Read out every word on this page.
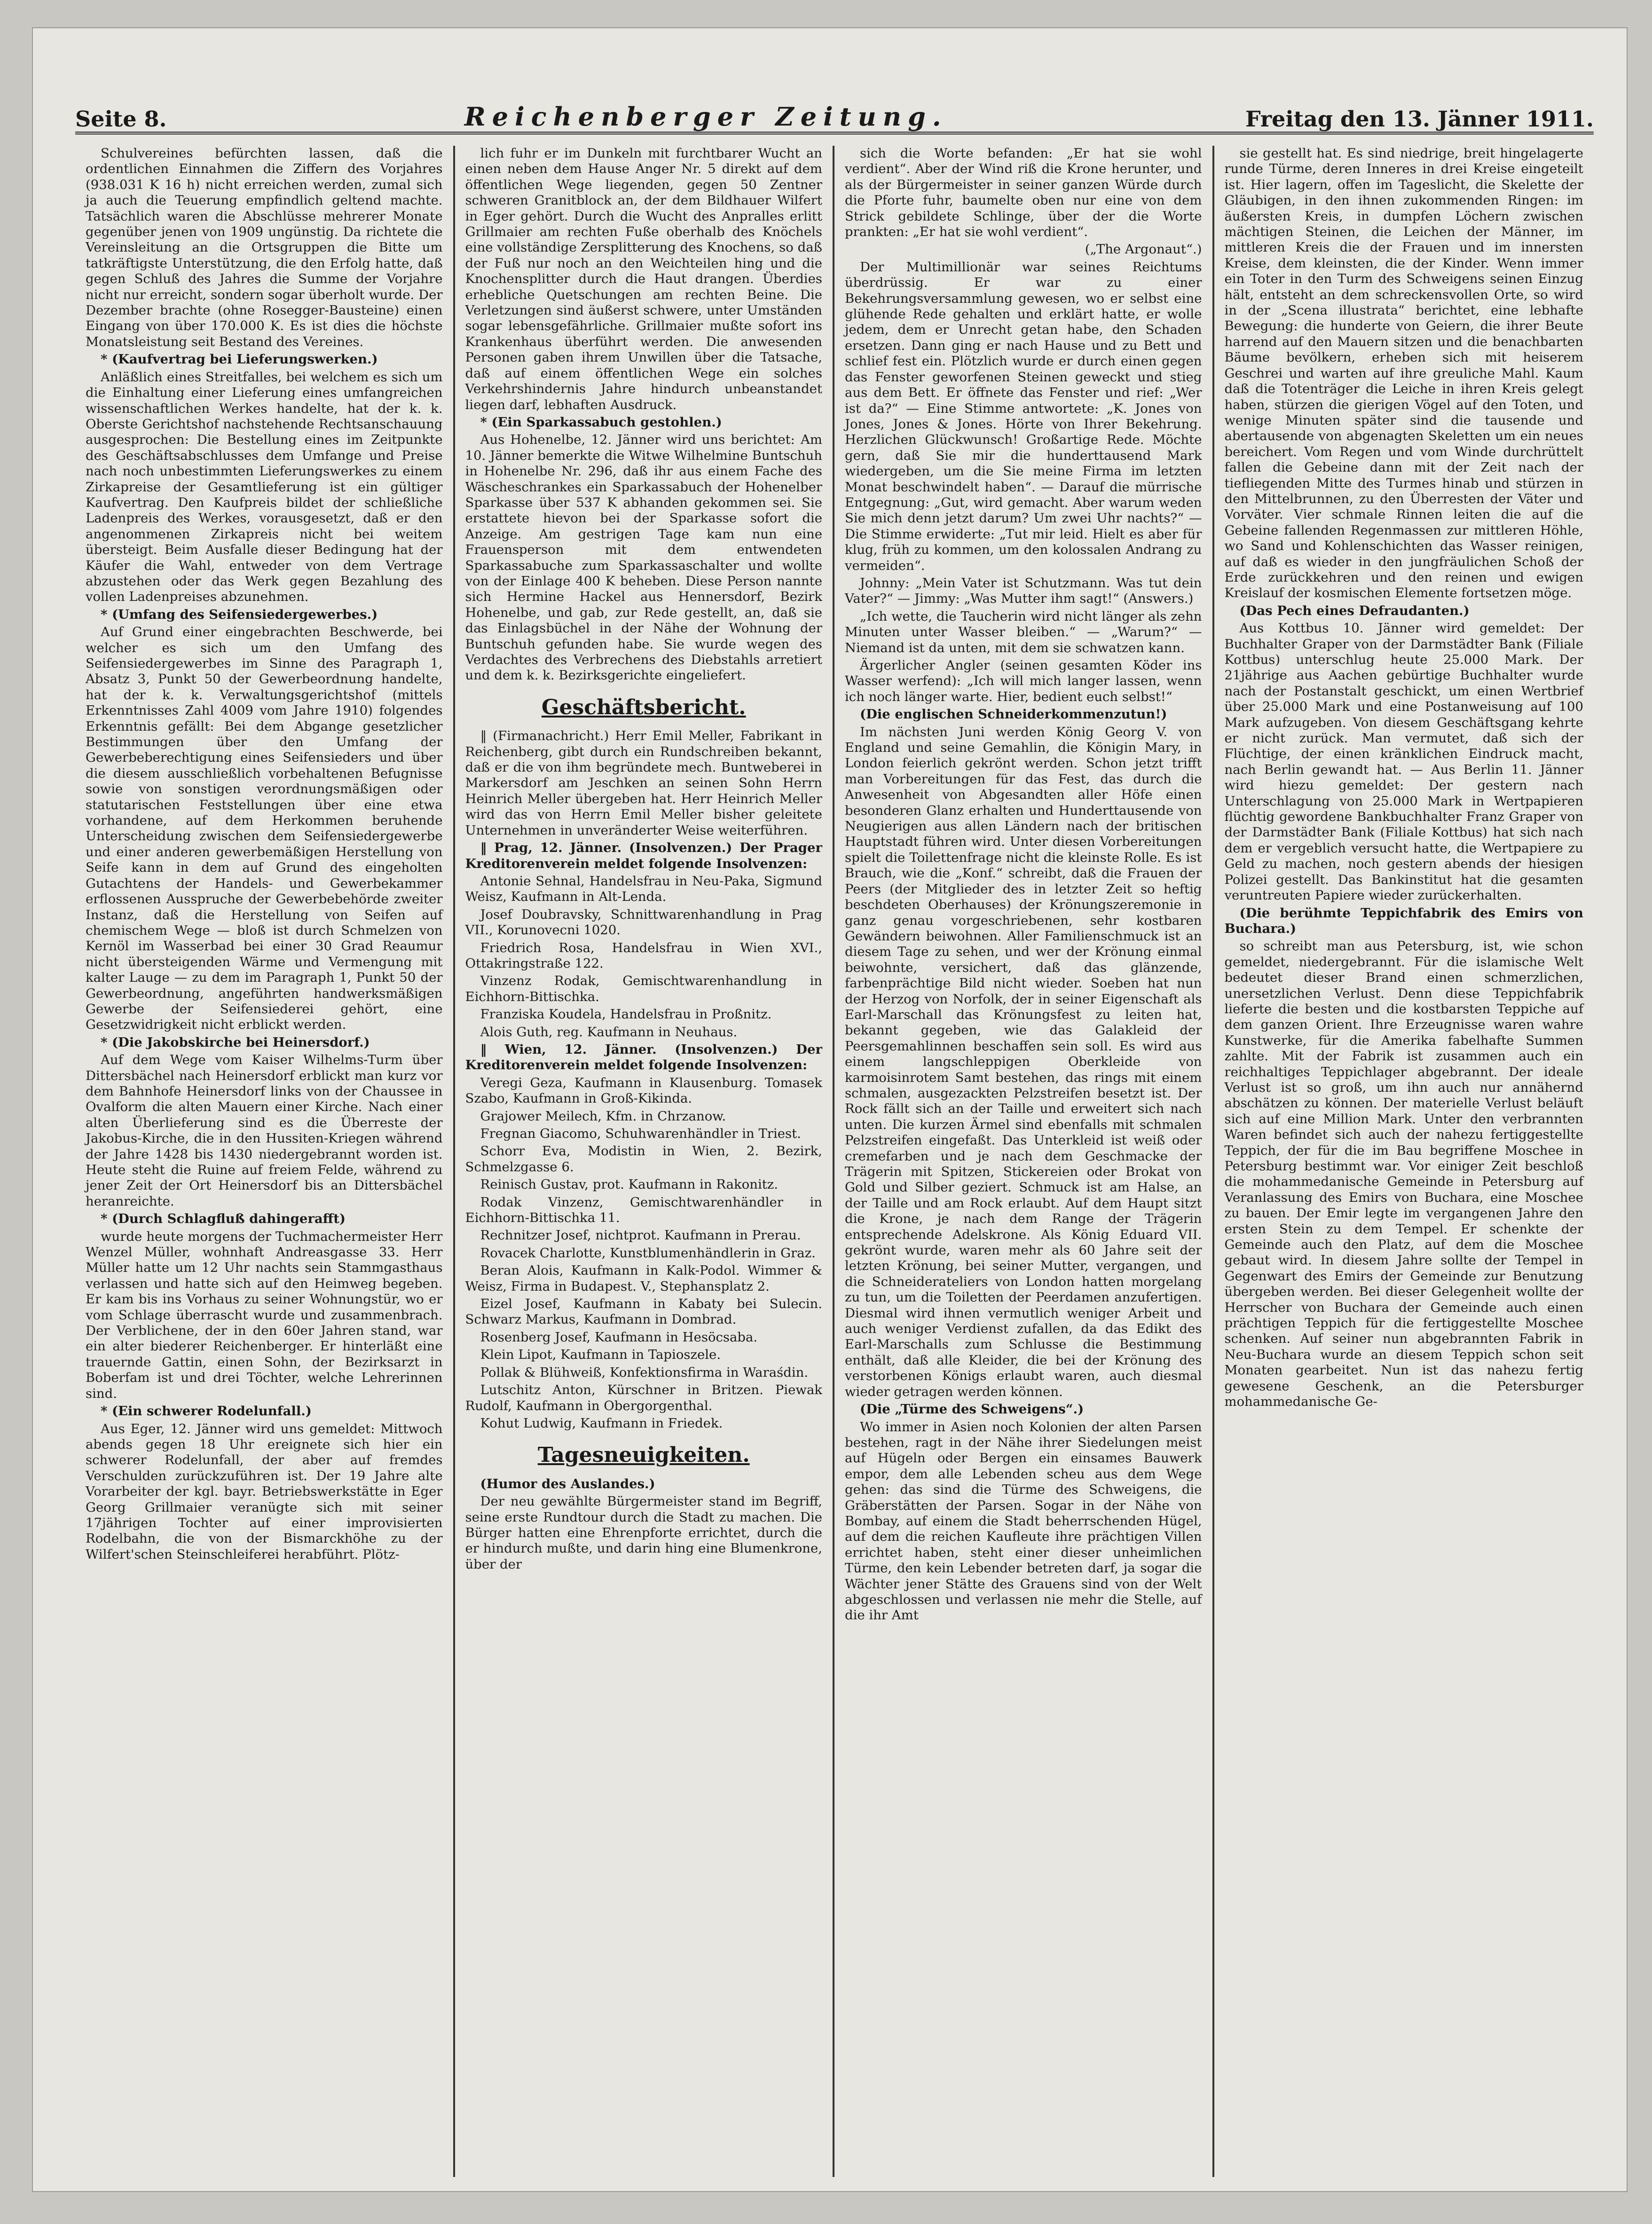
Seite 8.	Reichenberger Zeitung.	Freitag den 13. Jänner 1911.

Schulvereines befürchten lassen, daß die ordentlichen Einnahmen die Ziffern des Vorjahres (938.031 K 16 h) nicht erreichen werden, zumal sich ja auch die Teuerung empfindlich geltend machte. Tatsächlich waren die Abschlüsse mehrerer Monate gegenüber jenen von 1909 ungünstig. Da richtete die Vereinsleitung an die Ortsgruppen die Bitte um tatkräftigste Unterstützung, die den Erfolg hatte, daß gegen Schluß des Jahres die Summe der Vorjahre nicht nur erreicht, sondern sogar überholt wurde. Der Dezember brachte (ohne Rosegger-Bausteine) einen Eingang von über 170.000 K. Es ist dies die höchste Monatsleistung seit Bestand des Vereines.

* (Kaufvertrag bei Lieferungswerken.)

Anläßlich eines Streitfalles, bei welchem es sich um die Einhaltung einer Lieferung eines umfangreichen wissenschaftlichen Werkes handelte, hat der k. k. Oberste Gerichtshof nachstehende Rechtsanschauung ausgesprochen: Die Bestellung eines im Zeitpunkte des Geschäftsabschlusses dem Umfange und Preise nach noch unbestimmten Lieferungswerkes zu einem Zirkapreise der Gesamtlieferung ist ein gültiger Kaufvertrag. Den Kaufpreis bildet der schließliche Ladenpreis des Werkes, vorausgesetzt, daß er den angenommenen Zirkapreis nicht bei weitem übersteigt. Beim Ausfalle dieser Bedingung hat der Käufer die Wahl, entweder von dem Vertrage abzustehen oder das Werk gegen Bezahlung des vollen Ladenpreises abzunehmen.

* (Umfang des Seifensiedergewerbes.)

Auf Grund einer eingebrachten Beschwerde, bei welcher es sich um den Umfang des Seifensiedergewerbes im Sinne des Paragraph 1, Absatz 3, Punkt 50 der Gewerbeordnung handelte, hat der k. k. Verwaltungsgerichtshof (mittels Erkenntnisses Zahl 4009 vom Jahre 1910) folgendes Erkenntnis gefällt: Bei dem Abgange gesetzlicher Bestimmungen über den Umfang der Gewerbeberechtigung eines Seifensieders und über die diesem ausschließlich vorbehaltenen Befugnisse sowie von sonstigen verordnungsmäßigen oder statutarischen Feststellungen über eine etwa vorhandene, auf dem Herkommen beruhende Unterscheidung zwischen dem Seifensiedergewerbe und einer anderen gewerbemäßigen Herstellung von Seife kann in dem auf Grund des eingeholten Gutachtens der Handels- und Gewerbekammer erflossenen Ausspruche der Gewerbebehörde zweiter Instanz, daß die Herstellung von Seifen auf chemischem Wege — bloß ist durch Schmelzen von Kernöl im Wasserbad bei einer 30 Grad Reaumur nicht übersteigenden Wärme und Vermengung mit kalter Lauge — zu dem im Paragraph 1, Punkt 50 der Gewerbeordnung, angeführten handwerksmäßigen Gewerbe der Seifensiederei gehört, eine Gesetzwidrigkeit nicht erblickt werden.

* (Die Jakobskirche bei Heinersdorf.)

Auf dem Wege vom Kaiser Wilhelms-Turm über Dittersbächel nach Heinersdorf erblickt man kurz vor dem Bahnhofe Heinersdorf links von der Chaussee in Ovalform die alten Mauern einer Kirche. Nach einer alten Überlieferung sind es die Überreste der Jakobus-Kirche, die in den Hussiten-Kriegen während der Jahre 1428 bis 1430 niedergebrannt worden ist. Heute steht die Ruine auf freiem Felde, während zu jener Zeit der Ort Heinersdorf bis an Dittersbächel heranreichte.

* (Durch Schlagfluß dahingerafft)

wurde heute morgens der Tuchmachermeister Herr Wenzel Müller, wohnhaft Andreasgasse 33. Herr Müller hatte um 12 Uhr nachts sein Stammgasthaus verlassen und hatte sich auf den Heimweg begeben. Er kam bis ins Vorhaus zu seiner Wohnungstür, wo er vom Schlage überrascht wurde und zusammenbrach. Der Verblichene, der in den 60er Jahren stand, war ein alter biederer Reichenberger. Er hinterläßt eine trauernde Gattin, einen Sohn, der Bezirksarzt in Boberfam ist und drei Töchter, welche Lehrerinnen sind.

* (Ein schwerer Rodelunfall.)

Aus Eger, 12. Jänner wird uns gemeldet: Mittwoch abends gegen 18 Uhr ereignete sich hier ein schwerer Rodelunfall, der aber auf fremdes Verschulden zurückzuführen ist. Der 19 Jahre alte Vorarbeiter der kgl. bayr. Betriebswerkstätte in Eger Georg Grillmaier veranügte sich mit seiner 17jährigen Tochter auf einer improvisierten Rodelbahn, die von der Bismarckhöhe zu der Wilfert'schen Steinschleiferei herabführt. Plötz-

lich fuhr er im Dunkeln mit furchtbarer Wucht an einen neben dem Hause Anger Nr. 5 direkt auf dem öffentlichen Wege liegenden, gegen 50 Zentner schweren Granitblock an, der dem Bildhauer Wilfert in Eger gehört. Durch die Wucht des Anpralles erlitt Grillmaier am rechten Fuße oberhalb des Knöchels eine vollständige Zersplitterung des Knochens, so daß der Fuß nur noch an den Weichteilen hing und die Knochensplitter durch die Haut drangen. Überdies erhebliche Quetschungen am rechten Beine. Die Verletzungen sind äußerst schwere, unter Umständen sogar lebensgefährliche. Grillmaier mußte sofort ins Krankenhaus überführt werden. Die anwesenden Personen gaben ihrem Unwillen über die Tatsache, daß auf einem öffentlichen Wege ein solches Verkehrshindernis Jahre hindurch unbeanstandet liegen darf, lebhaften Ausdruck.

* (Ein Sparkassabuch gestohlen.)

Aus Hohenelbe, 12. Jänner wird uns berichtet: Am 10. Jänner bemerkte die Witwe Wilhelmine Buntschuh in Hohenelbe Nr. 296, daß ihr aus einem Fache des Wäscheschrankes ein Sparkassabuch der Hohenelber Sparkasse über 537 K abhanden gekommen sei. Sie erstattete hievon bei der Sparkasse sofort die Anzeige. Am gestrigen Tage kam nun eine Frauensperson mit dem entwendeten Sparkassabuche zum Sparkassaschalter und wollte von der Einlage 400 K beheben. Diese Person nannte sich Hermine Hackel aus Hennersdorf, Bezirk Hohenelbe, und gab, zur Rede gestellt, an, daß sie das Einlagsbüchel in der Nähe der Wohnung der Buntschuh gefunden habe. Sie wurde wegen des Verdachtes des Verbrechens des Diebstahls arretiert und dem k. k. Bezirksgerichte eingeliefert.

Geschäftsbericht.

‖ (Firmanachricht.) Herr Emil Meller, Fabrikant in Reichenberg, gibt durch ein Rundschreiben bekannt, daß er die von ihm begründete mech. Buntweberei in Markersdorf am Jeschken an seinen Sohn Herrn Heinrich Meller übergeben hat. Herr Heinrich Meller wird das von Herrn Emil Meller bisher geleitete Unternehmen in unveränderter Weise weiterführen.

‖ Prag, 12. Jänner. (Insolvenzen.) Der Prager Kreditorenverein meldet folgende Insolvenzen:

Antonie Sehnal, Handelsfrau in Neu-Paka, Sigmund Weisz, Kaufmann in Alt-Lenda.

Josef Doubravsky, Schnittwarenhandlung in Prag VII., Korunovecni 1020.

Friedrich Rosa, Handelsfrau in Wien XVI., Ottakringstraße 122.

Vinzenz Rodak, Gemischtwarenhandlung in Eichhorn-Bittischka.

Franziska Koudela, Handelsfrau in Proßnitz.

Alois Guth, reg. Kaufmann in Neuhaus.

‖ Wien, 12. Jänner. (Insolvenzen.) Der Kreditorenverein meldet folgende Insolvenzen:

Veregi Geza, Kaufmann in Klausenburg. Tomasek Szabo, Kaufmann in Groß-Kikinda.

Grajower Meilech, Kfm. in Chrzanow.

Fregnan Giacomo, Schuhwarenhändler in Triest.

Schorr Eva, Modistin in Wien, 2. Bezirk, Schmelzgasse 6.

Reinisch Gustav, prot. Kaufmann in Rakonitz.

Rodak Vinzenz, Gemischtwarenhändler in Eichhorn-Bittischka 11.

Rechnitzer Josef, nichtprot. Kaufmann in Prerau.

Rovacek Charlotte, Kunstblumenhändlerin in Graz.

Beran Alois, Kaufmann in Kalk-Podol. Wimmer & Weisz, Firma in Budapest. V., Stephansplatz 2.

Eizel Josef, Kaufmann in Kabaty bei Sulecin. Schwarz Markus, Kaufmann in Dombrad.

Rosenberg Josef, Kaufmann in Hesöcsaba.

Klein Lipot, Kaufmann in Tapioszele.

Pollak & Blühweiß, Konfektionsfirma in Waraśdin.

Lutschitz Anton, Kürschner in Britzen. Piewak Rudolf, Kaufmann in Obergorgenthal.

Kohut Ludwig, Kaufmann in Friedek.

Tagesneuigkeiten.

(Humor des Auslandes.)

Der neu gewählte Bürgermeister stand im Begriff, seine erste Rundtour durch die Stadt zu machen. Die Bürger hatten eine Ehrenpforte errichtet, durch die er hindurch mußte, und darin hing eine Blumenkrone, über der

sich die Worte befanden: „Er hat sie wohl verdient“. Aber der Wind riß die Krone herunter, und als der Bürgermeister in seiner ganzen Würde durch die Pforte fuhr, baumelte oben nur eine von dem Strick gebildete Schlinge, über der die Worte prankten: „Er hat sie wohl verdient“.

(„The Argonaut“.)

Der Multimillionär war seines Reichtums überdrüssig. Er war zu einer Bekehrungsversammlung gewesen, wo er selbst eine glühende Rede gehalten und erklärt hatte, er wolle jedem, dem er Unrecht getan habe, den Schaden ersetzen. Dann ging er nach Hause und zu Bett und schlief fest ein. Plötzlich wurde er durch einen gegen das Fenster geworfenen Steinen geweckt und stieg aus dem Bett. Er öffnete das Fenster und rief: „Wer ist da?“ — Eine Stimme antwortete: „K. Jones von Jones, Jones & Jones. Hörte von Ihrer Bekehrung. Herzlichen Glückwunsch! Großartige Rede. Möchte gern, daß Sie mir die hunderttausend Mark wiedergeben, um die Sie meine Firma im letzten Monat beschwindelt haben“. — Darauf die mürrische Entgegnung: „Gut, wird gemacht. Aber warum weden Sie mich denn jetzt darum? Um zwei Uhr nachts?“ — Die Stimme erwiderte: „Tut mir leid. Hielt es aber für klug, früh zu kommen, um den kolossalen Andrang zu vermeiden“.

Johnny: „Mein Vater ist Schutzmann. Was tut dein Vater?“ — Jimmy: „Was Mutter ihm sagt!“ (Answers.)

„Ich wette, die Taucherin wird nicht länger als zehn Minuten unter Wasser bleiben.“ — „Warum?“ — Niemand ist da unten, mit dem sie schwatzen kann.

Ärgerlicher Angler (seinen gesamten Köder ins Wasser werfend): „Ich will mich langer lassen, wenn ich noch länger warte. Hier, bedient euch selbst!“

(Die englischen Schneiderkommenzutun!)

Im nächsten Juni werden König Georg V. von England und seine Gemahlin, die Königin Mary, in London feierlich gekrönt werden. Schon jetzt trifft man Vorbereitungen für das Fest, das durch die Anwesenheit von Abgesandten aller Höfe einen besonderen Glanz erhalten und Hunderttausende von Neugierigen aus allen Ländern nach der britischen Hauptstadt führen wird. Unter diesen Vorbereitungen spielt die Toilettenfrage nicht die kleinste Rolle. Es ist Brauch, wie die „Konf.“ schreibt, daß die Frauen der Peers (der Mitglieder des in letzter Zeit so heftig beschdeten Oberhauses) der Krönungszeremonie in ganz genau vorgeschriebenen, sehr kostbaren Gewändern beiwohnen. Aller Familienschmuck ist an diesem Tage zu sehen, und wer der Krönung einmal beiwohnte, versichert, daß das glänzende, farbenprächtige Bild nicht wieder. Soeben hat nun der Herzog von Norfolk, der in seiner Eigenschaft als Earl-Marschall das Krönungsfest zu leiten hat, bekannt gegeben, wie das Galakleid der Peersgemahlinnen beschaffen sein soll. Es wird aus einem langschleppigen Oberkleide von karmoisinrotem Samt bestehen, das rings mit einem schmalen, ausgezackten Pelzstreifen besetzt ist. Der Rock fällt sich an der Taille und erweitert sich nach unten. Die kurzen Ärmel sind ebenfalls mit schmalen Pelzstreifen eingefaßt. Das Unterkleid ist weiß oder cremefarben und je nach dem Geschmacke der Trägerin mit Spitzen, Stickereien oder Brokat von Gold und Silber geziert. Schmuck ist am Halse, an der Taille und am Rock erlaubt. Auf dem Haupt sitzt die Krone, je nach dem Range der Trägerin entsprechende Adelskrone. Als König Eduard VII. gekrönt wurde, waren mehr als 60 Jahre seit der letzten Krönung, bei seiner Mutter, vergangen, und die Schneiderateliers von London hatten morgelang zu tun, um die Toiletten der Peerdamen anzufertigen. Diesmal wird ihnen vermutlich weniger Arbeit und auch weniger Verdienst zufallen, da das Edikt des Earl-Marschalls zum Schlusse die Bestimmung enthält, daß alle Kleider, die bei der Krönung des verstorbenen Königs erlaubt waren, auch diesmal wieder getragen werden können.

(Die „Türme des Schweigens“.)

Wo immer in Asien noch Kolonien der alten Parsen bestehen, ragt in der Nähe ihrer Siedelungen meist auf Hügeln oder Bergen ein einsames Bauwerk empor, dem alle Lebenden scheu aus dem Wege gehen: das sind die Türme des Schweigens, die Gräberstätten der Parsen. Sogar in der Nähe von Bombay, auf einem die Stadt beherrschenden Hügel, auf dem die reichen Kaufleute ihre prächtigen Villen errichtet haben, steht einer dieser unheimlichen Türme, den kein Lebender betreten darf, ja sogar die Wächter jener Stätte des Grauens sind von der Welt abgeschlossen und verlassen nie mehr die Stelle, auf die ihr Amt

sie gestellt hat. Es sind niedrige, breit hingelagerte runde Türme, deren Inneres in drei Kreise eingeteilt ist. Hier lagern, offen im Tageslicht, die Skelette der Gläubigen, in den ihnen zukommenden Ringen: im äußersten Kreis, in dumpfen Löchern zwischen mächtigen Steinen, die Leichen der Männer, im mittleren Kreis die der Frauen und im innersten Kreise, dem kleinsten, die der Kinder. Wenn immer ein Toter in den Turm des Schweigens seinen Einzug hält, entsteht an dem schreckensvollen Orte, so wird in der „Scena illustrata“ berichtet, eine lebhafte Bewegung: die hunderte von Geiern, die ihrer Beute harrend auf den Mauern sitzen und die benachbarten Bäume bevölkern, erheben sich mit heiserem Geschrei und warten auf ihre greuliche Mahl. Kaum daß die Totenträger die Leiche in ihren Kreis gelegt haben, stürzen die gierigen Vögel auf den Toten, und wenige Minuten später sind die tausende und abertausende von abgenagten Skeletten um ein neues bereichert. Vom Regen und vom Winde durchrüttelt fallen die Gebeine dann mit der Zeit nach der tiefliegenden Mitte des Turmes hinab und stürzen in den Mittelbrunnen, zu den Überresten der Väter und Vorväter. Vier schmale Rinnen leiten die auf die Gebeine fallenden Regenmassen zur mittleren Höhle, wo Sand und Kohlenschichten das Wasser reinigen, auf daß es wieder in den jungfräulichen Schoß der Erde zurückkehren und den reinen und ewigen Kreislauf der kosmischen Elemente fortsetzen möge.

(Das Pech eines Defraudanten.)

Aus Kottbus 10. Jänner wird gemeldet: Der Buchhalter Graper von der Darmstädter Bank (Filiale Kottbus) unterschlug heute 25.000 Mark. Der 21jährige aus Aachen gebürtige Buchhalter wurde nach der Postanstalt geschickt, um einen Wertbrief über 25.000 Mark und eine Postanweisung auf 100 Mark aufzugeben. Von diesem Geschäftsgang kehrte er nicht zurück. Man vermutet, daß sich der Flüchtige, der einen kränklichen Eindruck macht, nach Berlin gewandt hat. — Aus Berlin 11. Jänner wird hiezu gemeldet: Der gestern nach Unterschlagung von 25.000 Mark in Wertpapieren flüchtig gewordene Bankbuchhalter Franz Graper von der Darmstädter Bank (Filiale Kottbus) hat sich nach dem er vergeblich versucht hatte, die Wertpapiere zu Geld zu machen, noch gestern abends der hiesigen Polizei gestellt. Das Bankinstitut hat die gesamten veruntreuten Papiere wieder zurückerhalten.

(Die berühmte Teppichfabrik des Emirs von Buchara.)

so schreibt man aus Petersburg, ist, wie schon gemeldet, niedergebrannt. Für die islamische Welt bedeutet dieser Brand einen schmerzlichen, unersetzlichen Verlust. Denn diese Teppichfabrik lieferte die besten und die kostbarsten Teppiche auf dem ganzen Orient. Ihre Erzeugnisse waren wahre Kunstwerke, für die Amerika fabelhafte Summen zahlte. Mit der Fabrik ist zusammen auch ein reichhaltiges Teppichlager abgebrannt. Der ideale Verlust ist so groß, um ihn auch nur annähernd abschätzen zu können. Der materielle Verlust beläuft sich auf eine Million Mark. Unter den verbrannten Waren befindet sich auch der nahezu fertiggestellte Teppich, der für die im Bau begriffene Moschee in Petersburg bestimmt war. Vor einiger Zeit beschloß die mohammedanische Gemeinde in Petersburg auf Veranlassung des Emirs von Buchara, eine Moschee zu bauen. Der Emir legte im vergangenen Jahre den ersten Stein zu dem Tempel. Er schenkte der Gemeinde auch den Platz, auf dem die Moschee gebaut wird. In diesem Jahre sollte der Tempel in Gegenwart des Emirs der Gemeinde zur Benutzung übergeben werden. Bei dieser Gelegenheit wollte der Herrscher von Buchara der Gemeinde auch einen prächtigen Teppich für die fertiggestellte Moschee schenken. Auf seiner nun abgebrannten Fabrik in Neu-Buchara wurde an diesem Teppich schon seit Monaten gearbeitet. Nun ist das nahezu fertig gewesene Geschenk, an die Petersburger mohammedanische Ge-
